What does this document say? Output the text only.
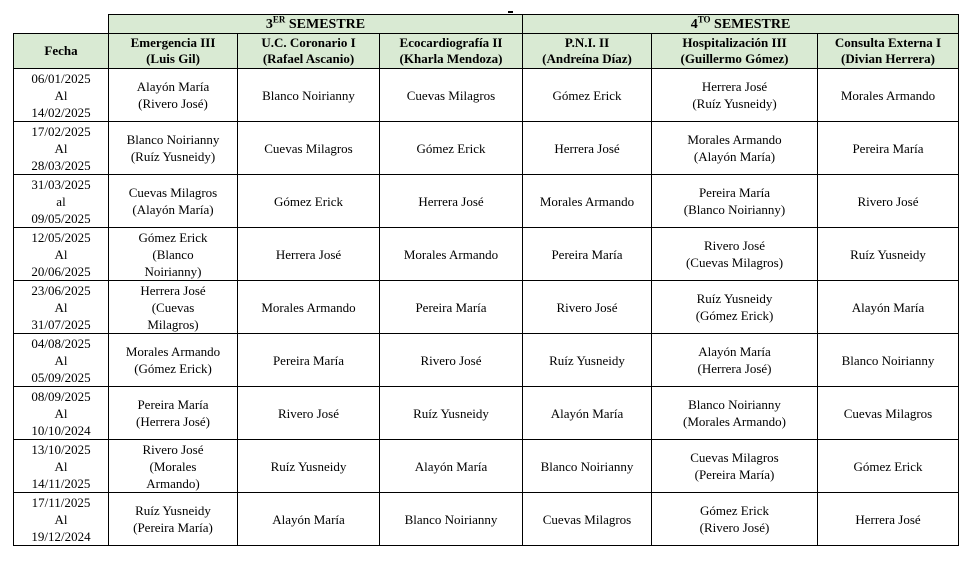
	3ER SEMESTRE			$4^{TO}$ SEMESTRE		

Fecha	Emergencia III
(Luis Gil)	U.C. Coronario I
(Rafael Ascanio)	Ecocardiografía II
(Kharla Mendoza)	P.N.I. II
(Andreína Díaz)	Hospitalización III
(Guillermo Gómez)	Consulta Externa I
(Divian Herrera)

06/01/2025
Al
14/02/2025	Alayón María
(Rivero José)	Blanco Noirianny	Cuevas Milagros	Gómez Erick	Herrera José
(Ruíz Yusneidy)	Morales Armando

17/02/2025
Al
28/03/2025	Blanco Noirianny
(Ruíz Yusneidy)	Cuevas Milagros	Gómez Erick	Herrera José	Morales Armando
(Alayón María)	Pereira María

31/03/2025
al
09/05/2025	Cuevas Milagros
(Alayón María)	Gómez Erick	Herrera José	Morales Armando	Pereira María
(Blanco Noirianny)	Rivero José

12/05/2025
Al
20/06/2025	Gómez Erick
(Blanco
Noirianny)	Herrera José	Morales Armando	Pereira María	Rivero José
(Cuevas Milagros)	Ruíz Yusneidy

23/06/2025
Al
31/07/2025	Herrera José
(Cuevas
Milagros)	Morales Armando	Pereira María	Rivero José	Ruíz Yusneidy
(Gómez Erick)	Alayón María

04/08/2025
Al
05/09/2025	Morales Armando
(Gómez Erick)	Pereira María	Rivero José	Ruíz Yusneidy	Alayón María
(Herrera José)	Blanco Noirianny

08/09/2025
Al
10/10/2024	Pereira María
(Herrera José)	Rivero José	Ruíz Yusneidy	Alayón María	Blanco Noirianny
(Morales Armando)	Cuevas Milagros

13/10/2025
Al
14/11/2025	Rivero José
(Morales
Armando)	Ruíz Yusneidy	Alayón María	Blanco Noirianny	Cuevas Milagros
(Pereira María)	Gómez Erick

17/11/2025
Al
19/12/2024	Ruíz Yusneidy
(Pereira María)	Alayón María	Blanco Noirianny	Cuevas Milagros	Gómez Erick
(Rivero José)	Herrera José
